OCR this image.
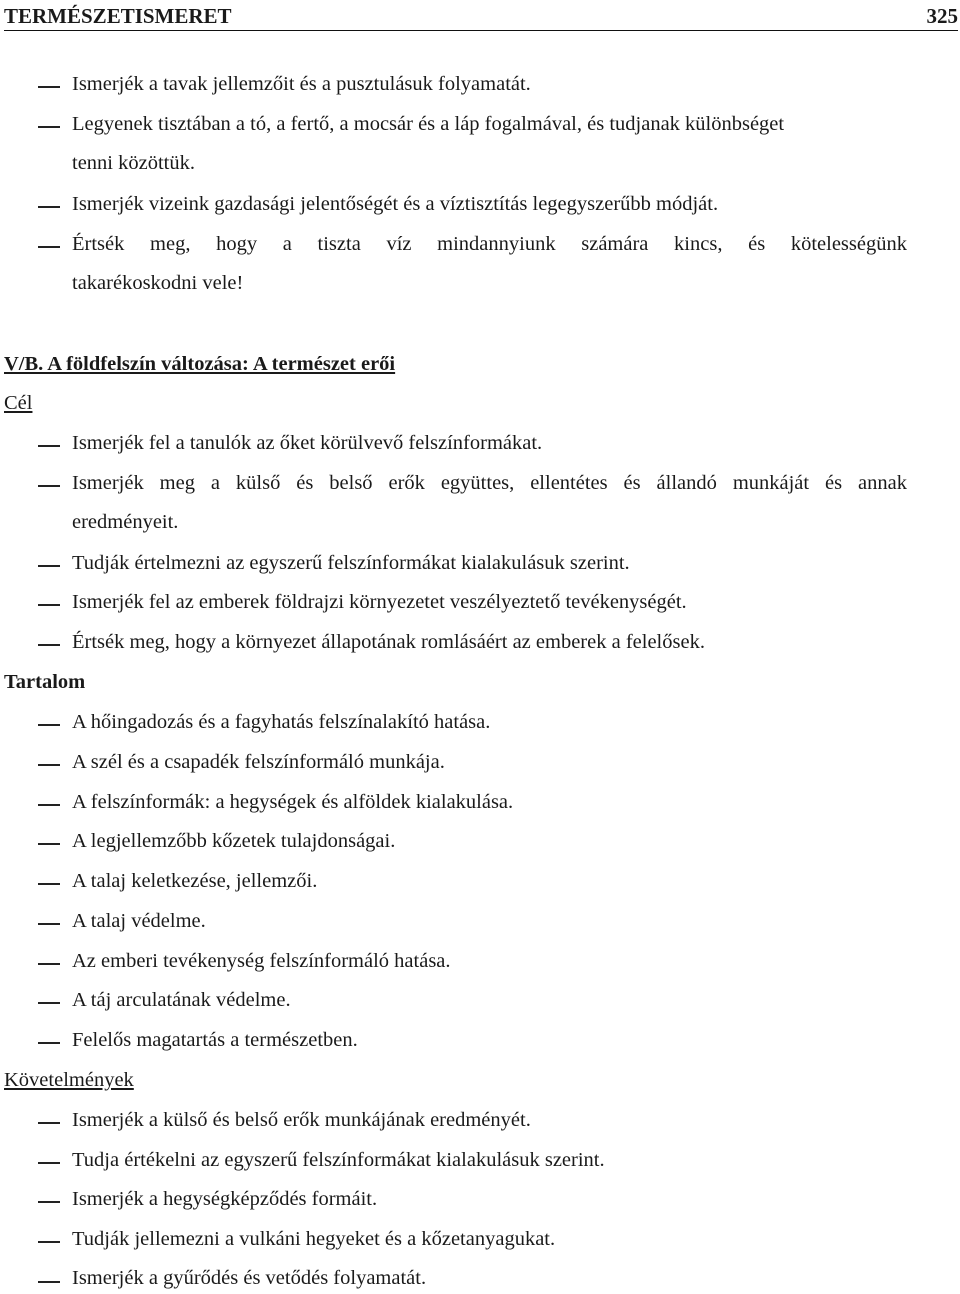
TERMÉSZETISMERET	325
Ismerjék a tavak jellemzőit és a pusztulásuk folyamatát.
Legyenek tisztában a tó, a fertő, a mocsár és a láp fogalmával, és tudjanak különbséget
tenni közöttük.
Ismerjék vizeink gazdasági jelentőségét és a víztisztítás legegyszerűbb módját.
Értsék meg, hogy a tiszta víz mindannyiunk számára kincs, és kötelességünk
takarékoskodni vele!
V/B. A földfelszín változása: A természet erői
Cél
Ismerjék fel a tanulók az őket körülvevő felszínformákat.
Ismerjék meg a külső és belső erők együttes, ellentétes és állandó munkáját és annak
eredményeit.
Tudják értelmezni az egyszerű felszínformákat kialakulásuk szerint.
Ismerjék fel az emberek földrajzi környezetet veszélyeztető tevékenységét.
Értsék meg, hogy a környezet állapotának romlásáért az emberek a felelősek.
Tartalom
A hőingadozás és a fagyhatás felszínalakító hatása.
A szél és a csapadék felszínformáló munkája.
A felszínformák: a hegységek és alföldek kialakulása.
A legjellemzőbb kőzetek tulajdonságai.
A talaj keletkezése, jellemzői.
A talaj védelme.
Az emberi tevékenység felszínformáló hatása.
A táj arculatának védelme.
Felelős magatartás a természetben.
Követelmények
Ismerjék a külső és belső erők munkájának eredményét.
Tudja értékelni az egyszerű felszínformákat kialakulásuk szerint.
Ismerjék a hegységképződés formáit.
Tudják jellemezni a vulkáni hegyeket és a kőzetanyagukat.
Ismerjék a gyűrődés és vetődés folyamatát.
